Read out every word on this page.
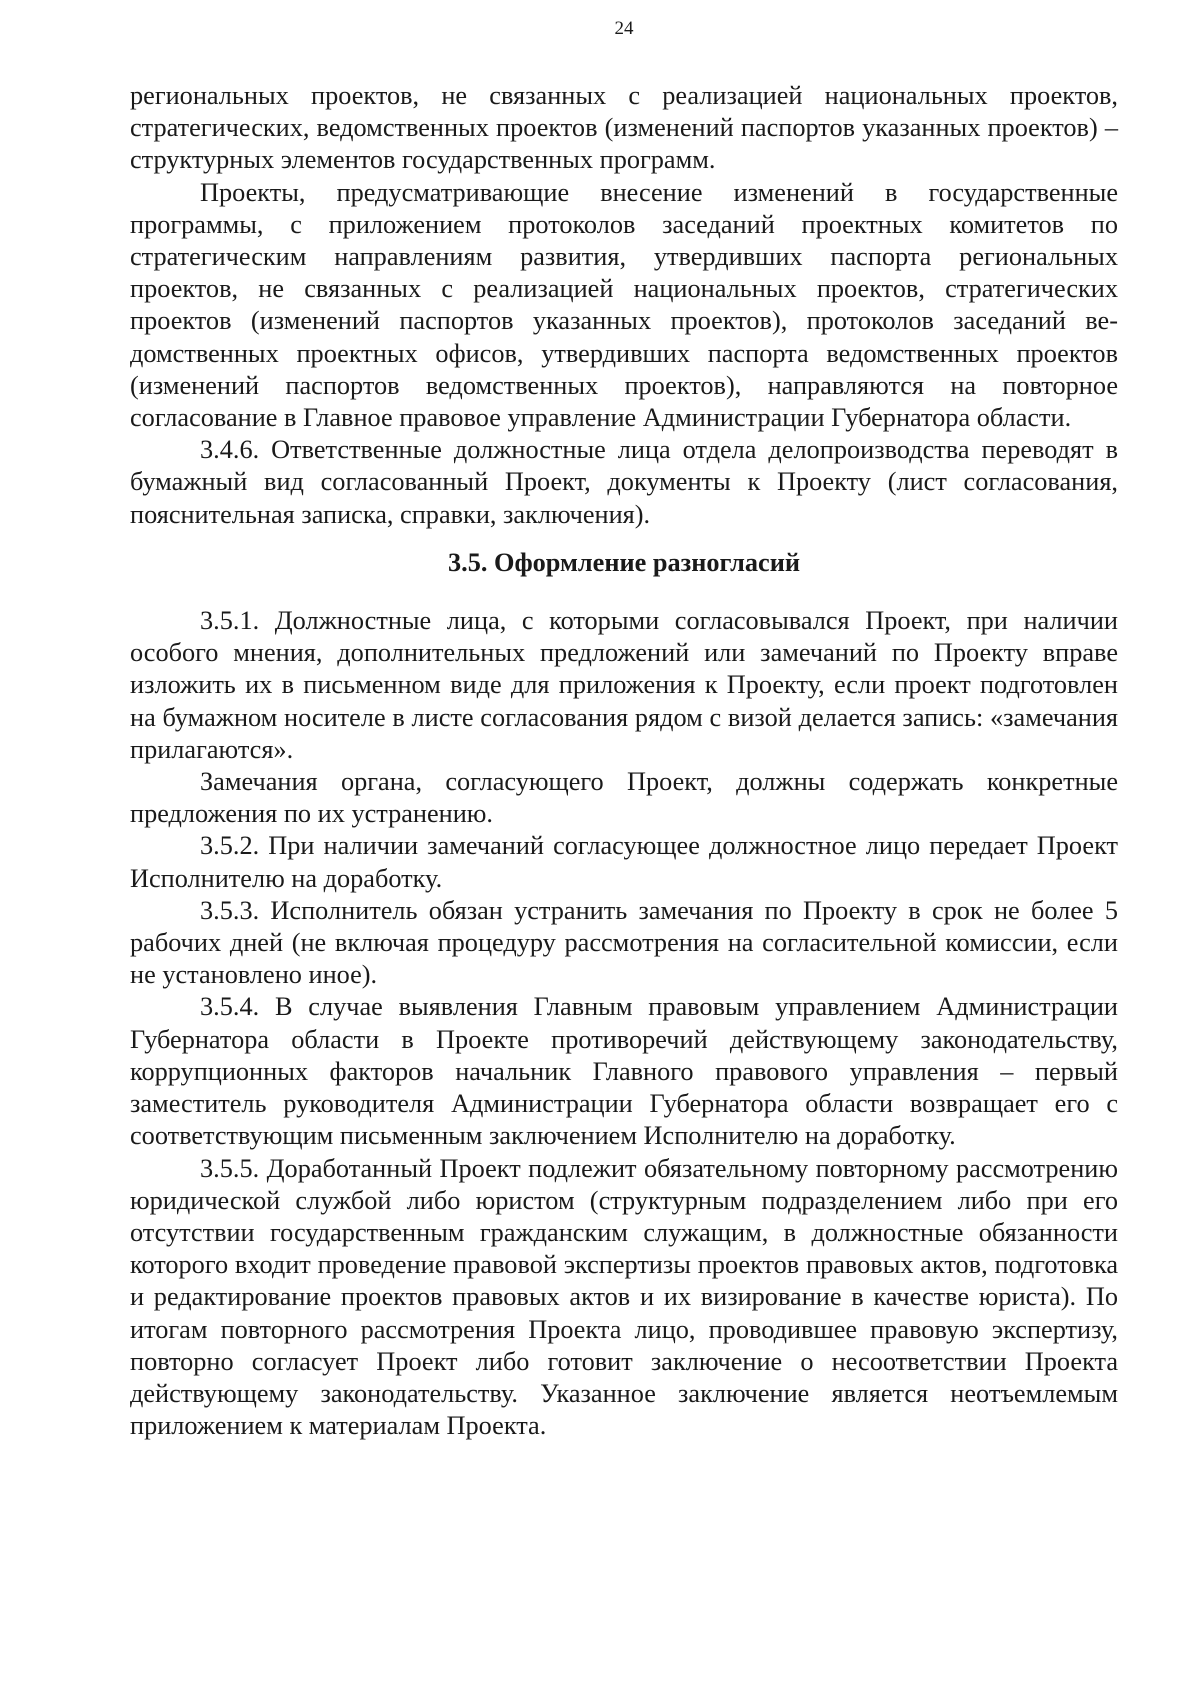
24

региональных проектов, не связанных с реализацией национальных проектов, стратегических, ведомственных проектов (изменений паспортов указанных проектов) – структурных элементов государственных программ.

Проекты, предусматривающие внесение изменений в государственные программы, с приложением протоколов заседаний проектных комитетов по стратегическим направлениям развития, утвердивших паспорта региональных проектов, не связанных с реализацией национальных проектов, стратегических проектов (изменений паспортов указанных проектов), протоколов заседаний ведомственных проектных офисов, утвердивших паспорта ведомственных проектов (изменений паспортов ведомственных проектов), направляются на повторное согласование в Главное правовое управление Администрации Губернатора области.

3.4.6. Ответственные должностные лица отдела делопроизводства переводят в бумажный вид согласованный Проект, документы к Проекту (лист согласования, пояснительная записка, справки, заключения).

3.5. Оформление разногласий

3.5.1. Должностные лица, с которыми согласовывался Проект, при наличии особого мнения, дополнительных предложений или замечаний по Проекту вправе изложить их в письменном виде для приложения к Проекту, если проект подготовлен на бумажном носителе в листе согласования рядом с визой делается запись: «замечания прилагаются».

Замечания органа, согласующего Проект, должны содержать конкретные предложения по их устранению.

3.5.2. При наличии замечаний согласующее должностное лицо передает Проект Исполнителю на доработку.

3.5.3. Исполнитель обязан устранить замечания по Проекту в срок не более 5 рабочих дней (не включая процедуру рассмотрения на согласительной комиссии, если не установлено иное).

3.5.4. В случае выявления Главным правовым управлением Администрации Губернатора области в Проекте противоречий действующему законодательству, коррупционных факторов начальник Главного правового управления – первый заместитель руководителя Администрации Губернатора области возвращает его с соответствующим письменным заключением Исполнителю на доработку.

3.5.5. Доработанный Проект подлежит обязательному повторному рассмотрению юридической службой либо юристом (структурным подразделением либо при его отсутствии государственным гражданским служащим, в должностные обязанности которого входит проведение правовой экспертизы проектов правовых актов, подготовка и редактирование проектов правовых актов и их визирование в качестве юриста). По итогам повторного рассмотрения Проекта лицо, проводившее правовую экспертизу, повторно согласует Проект либо готовит заключение о несоответствии Проекта действующему законодательству. Указанное заключение является неотъемлемым приложением к материалам Проекта.
